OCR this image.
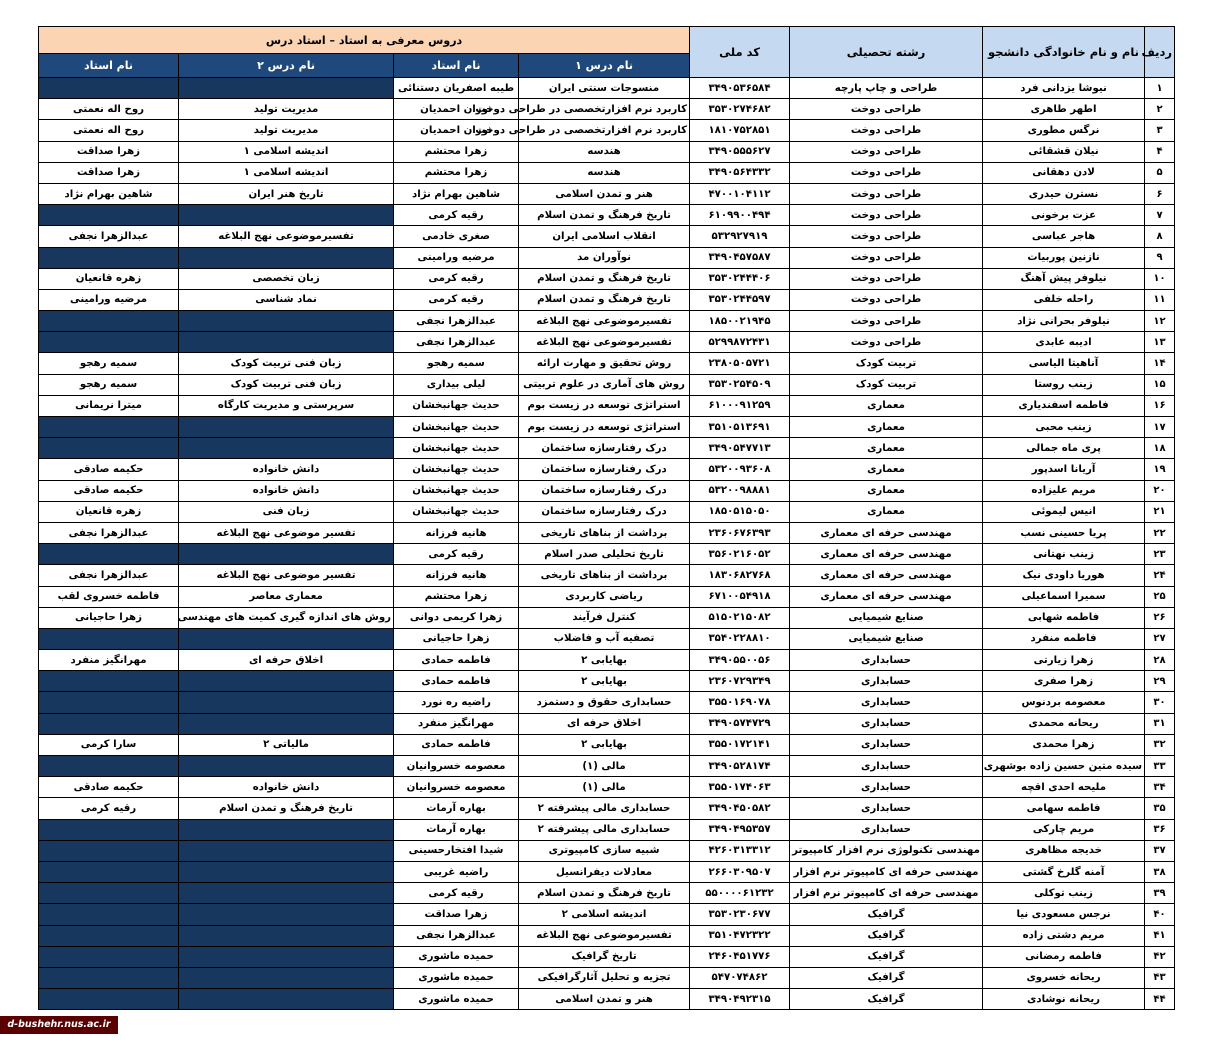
ردیف	نام و نام خانوادگی دانشجو	رشته تحصیلی	کد ملی	دروس معرفی به استاد – استاد درس			
				نام درس ۱	نام استاد	نام درس ۲	نام استاد
۱	نیوشا یزدانی فرد	طراحی و چاپ پارچه	۳۴۹۰۵۳۶۵۸۴	منسوجات سنتی ایران	طیبه اصفریان دستنائی		
۲	اطهر طاهری	طراحی دوخت	۳۵۳۰۲۷۴۶۸۲	کاربرد نرم افزارتخصصی در طراحی دوخت	توران احمدیان	مدیریت تولید	روح اله نعمتی
۳	نرگس مطوری	طراحی دوخت	۱۸۱۰۷۵۲۸۵۱	کاربرد نرم افزارتخصصی در طراحی دوخت	توران احمدیان	مدیریت تولید	روح اله نعمتی
۴	نیلان قشقائی	طراحی دوخت	۳۴۹۰۵۵۵۶۲۷	هندسه	زهرا محتشم	اندیشه اسلامی ۱	زهرا صداقت
۵	لادن دهقانی	طراحی دوخت	۳۴۹۰۵۶۴۳۳۲	هندسه	زهرا محتشم	اندیشه اسلامی ۱	زهرا صداقت
۶	نسترن حیدری	طراحی دوخت	۴۷۰۰۱۰۴۱۱۲	هنر و تمدن اسلامی	شاهین بهرام نژاد	تاریخ هنر ایران	شاهین بهرام نژاد
۷	عزت برخونی	طراحی دوخت	۶۱۰۹۹۰۰۴۹۴	تاریخ فرهنگ و تمدن اسلام	رقیه کرمی		
۸	هاجر عباسی	طراحی دوخت	۵۳۲۹۲۷۹۱۹	انقلاب اسلامی ایران	صغری خادمی	تفسیرموضوعی نهج البلاغه	عبدالزهرا نجفی
۹	نازنین پوربیات	طراحی دوخت	۳۴۹۰۴۵۷۵۸۷	نوآوران مد	مرضیه ورامینی		
۱۰	نیلوفر پیش آهنگ	طراحی دوخت	۳۵۳۰۲۴۴۴۰۶	تاریخ فرهنگ و تمدن اسلام	رقیه کرمی	زبان تخصصی	زهره قانعیان
۱۱	راحله خلفی	طراحی دوخت	۳۵۳۰۲۴۴۵۹۷	تاریخ فرهنگ و تمدن اسلام	رقیه کرمی	نماد شناسی	مرضیه ورامینی
۱۲	نیلوفر بحرانی نژاد	طراحی دوخت	۱۸۵۰۰۲۱۹۴۵	تفسیرموضوعی نهج البلاغه	عبدالزهرا نجفی		
۱۳	ادیبه عابدی	طراحی دوخت	۵۲۹۹۸۷۲۴۳۱	تفسیرموضوعی نهج البلاغه	عبدالزهرا نجفی		
۱۴	آناهیتا الیاسی	تربیت کودک	۲۳۸۰۵۰۵۷۲۱	روش تحقیق و مهارت ارائه	سمیه رهجو	زبان فنی تربیت کودک	سمیه رهجو
۱۵	زینب روستا	تربیت کودک	۳۵۳۰۲۵۴۵۰۹	روش های آماری در علوم تربیتی	لیلی بیداری	زبان فنی تربیت کودک	سمیه رهجو
۱۶	فاطمه اسفندیاری	معماری	۶۱۰۰۰۹۱۲۵۹	استراتژی توسعه در زیست بوم	حدیث جهانبخشان	سرپرستی و مدیریت کارگاه	میترا نریمانی
۱۷	زینب محبی	معماری	۳۵۱۰۵۱۳۶۹۱	استراتژی توسعه در زیست بوم	حدیث جهانبخشان		
۱۸	پری ماه جمالی	معماری	۳۴۹۰۵۴۷۷۱۳	درک رفتارسازه ساختمان	حدیث جهانبخشان		
۱۹	آریانا اسدپور	معماری	۵۳۲۰۰۹۳۶۰۸	درک رفتارسازه ساختمان	حدیث جهانبخشان	دانش خانواده	حکیمه صادقی
۲۰	مریم علیزاده	معماری	۵۳۲۰۰۹۸۸۸۱	درک رفتارسازه ساختمان	حدیث جهانبخشان	دانش خانواده	حکیمه صادقی
۲۱	انیس لیموئی	معماری	۱۸۵۰۵۱۵۰۵۰	درک رفتارسازه ساختمان	حدیث جهانبخشان	زبان فنی	زهره قانعیان
۲۲	پریا حسینی نسب	مهندسی حرفه ای معماری	۲۳۶۰۶۷۶۳۹۳	برداشت از بناهای تاریخی	هانیه فرزانه	تفسیر موضوعی نهج البلاغه	عبدالزهرا نجفی
۲۳	زینب نهتانی	مهندسی حرفه ای معماری	۳۵۶۰۲۱۶۰۵۲	تاریخ تحلیلی صدر اسلام	رقیه کرمی		
۲۴	هوریا داودی نیک	مهندسی حرفه ای معماری	۱۸۳۰۶۸۲۷۶۸	برداشت از بناهای تاریخی	هانیه فرزانه	تفسیر موضوعی نهج البلاغه	عبدالزهرا نجفی
۲۵	سمیرا اسماعیلی	مهندسی حرفه ای معماری	۶۷۱۰۰۵۴۹۱۸	ریاضی کاربردی	زهرا محتشم	معماری معاصر	فاطمه خسروی لقب
۲۶	فاطمه شهابی	صنایع شیمیایی	۵۱۵۰۲۱۵۰۸۲	کنترل فرآیند	زهرا کریمی دوانی	روش های اندازه گیری کمیت های مهندسی	زهرا حاجیانی
۲۷	فاطمه منفرد	صنایع شیمیایی	۳۵۴۰۲۲۸۸۱۰	تصفیه آب و فاضلاب	زهرا حاجیانی		
۲۸	زهرا زیارتی	حسابداری	۳۴۹۰۵۵۰۰۵۶	بهایابی ۲	فاطمه حمادی	اخلاق حرفه ای	مهرانگیز منفرد
۲۹	زهرا صفری	حسابداری	۲۳۶۰۷۲۹۳۴۹	بهایابی ۲	فاطمه حمادی		
۳۰	معصومه بردنوس	حسابداری	۳۵۵۰۱۶۹۰۷۸	حسابداری حقوق و دستمزد	راضیه ره نورد		
۳۱	ریحانه محمدی	حسابداری	۳۴۹۰۵۷۴۷۲۹	اخلاق حرفه ای	مهرانگیز منفرد		
۳۲	زهرا محمدی	حسابداری	۳۵۵۰۱۷۲۱۴۱	بهایابی ۲	فاطمه حمادی	مالیاتی ۲	سارا کرمی
۳۳	سیده متین حسین زاده بوشهری	حسابداری	۳۴۹۰۵۲۸۱۷۴	مالی (۱)	معصومه خسروانیان		
۳۴	ملیحه احدی اقچه	حسابداری	۳۵۵۰۱۷۴۰۶۳	مالی (۱)	معصومه خسروانیان	دانش خانواده	حکیمه صادقی
۳۵	فاطمه سهامی	حسابداری	۳۴۹۰۴۵۰۵۸۲	حسابداری مالی پیشرفته ۲	بهاره آرمات	تاریخ فرهنگ و تمدن اسلام	رقیه کرمی
۳۶	مریم چارکی	حسابداری	۳۴۹۰۴۹۵۳۵۷	حسابداری مالی پیشرفته ۲	بهاره آرمات		
۳۷	خدیجه مظاهری	مهندسی تکنولوژی نرم افزار کامپیوتر	۴۲۶۰۳۱۳۳۱۲	شبیه سازی کامپیوتری	شیدا افتخارحسینی		
۳۸	آمنه گلرخ گشتی	مهندسی حرفه ای کامپیوتر نرم افزار	۲۶۶۰۳۰۹۵۰۷	معادلات دیفرانسیل	راضیه غریبی		
۳۹	زینب توکلی	مهندسی حرفه ای کامپیوتر نرم افزار	۵۵۰۰۰۰۶۱۲۳۲	تاریخ فرهنگ و تمدن اسلام	رقیه کرمی		
۴۰	نرجس مسعودی نیا	گرافیک	۳۵۳۰۲۳۰۶۷۷	اندیشه اسلامی ۲	زهرا صداقت		
۴۱	مریم دشتی زاده	گرافیک	۳۵۱۰۴۷۲۳۲۲	تفسیرموضوعی نهج البلاغه	عبدالزهرا نجفی		
۴۲	فاطمه رمضانی	گرافیک	۲۴۶۰۴۵۱۷۷۶	تاریخ گرافیک	حمیده ماشوری		
۴۳	ریحانه خسروی	گرافیک	۵۴۷۰۷۴۸۶۲	تجزیه و تحلیل آثارگرافیکی	حمیده ماشوری		
۴۴	ریحانه نوشادی	گرافیک	۳۴۹۰۴۹۲۳۱۵	هنر و تمدن اسلامی	حمیده ماشوری		
d-bushehr.nus.ac.ir
